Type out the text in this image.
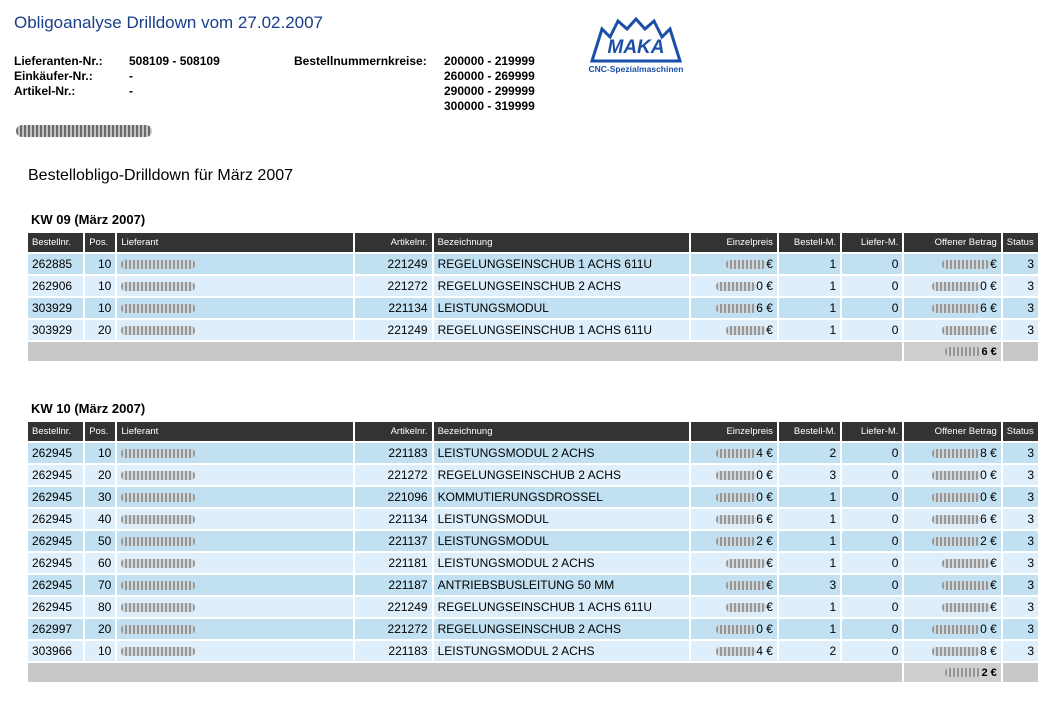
Obligoanalyse Drilldown vom 27.02.2007
Lieferanten-Nr.: 508109 - 508109
Einkäufer-Nr.:	-
Artikel-Nr.:	-
Bestellnummernkreise: 200000 - 219999
260000 - 269999
290000 - 299999
300000 - 319999
MAKA
CNC-Spezialmaschinen
Bestellobligo-Drilldown für März 2007
KW 09 (März 2007)
Bestellnr.	Pos.	Lieferant	Artikelnr.	Bezeichnung	Einzelpreis	Bestell-M.	Liefer-M.	Offener Betrag	Status
262885	10		221249	REGELUNGSEINSCHUB 1 ACHS 611U	€	1	0	€	3
262906	10		221272	REGELUNGSEINSCHUB 2 ACHS	0 €	1	0	0 €	3
303929	10		221134	LEISTUNGSMODUL	6 €	1	0	6 €	3
303929	20		221249	REGELUNGSEINSCHUB 1 ACHS 611U	€	1	0	€	3
								6 €	
KW 10 (März 2007)
Bestellnr.	Pos.	Lieferant	Artikelnr.	Bezeichnung	Einzelpreis	Bestell-M.	Liefer-M.	Offener Betrag	Status
262945	10		221183	LEISTUNGSMODUL 2 ACHS	4 €	2	0	8 €	3
262945	20		221272	REGELUNGSEINSCHUB 2 ACHS	0 €	3	0	0 €	3
262945	30		221096	KOMMUTIERUNGSDROSSEL	0 €	1	0	0 €	3
262945	40		221134	LEISTUNGSMODUL	6 €	1	0	6 €	3
262945	50		221137	LEISTUNGSMODUL	2 €	1	0	2 €	3
262945	60		221181	LEISTUNGSMODUL 2 ACHS	€	1	0	€	3
262945	70		221187	ANTRIEBSBUSLEITUNG 50 MM	€	3	0	€	3
262945	80		221249	REGELUNGSEINSCHUB 1 ACHS 611U	€	1	0	€	3
262997	20		221272	REGELUNGSEINSCHUB 2 ACHS	0 €	1	0	0 €	3
303966	10		221183	LEISTUNGSMODUL 2 ACHS	4 €	2	0	8 €	3
								2 €	
